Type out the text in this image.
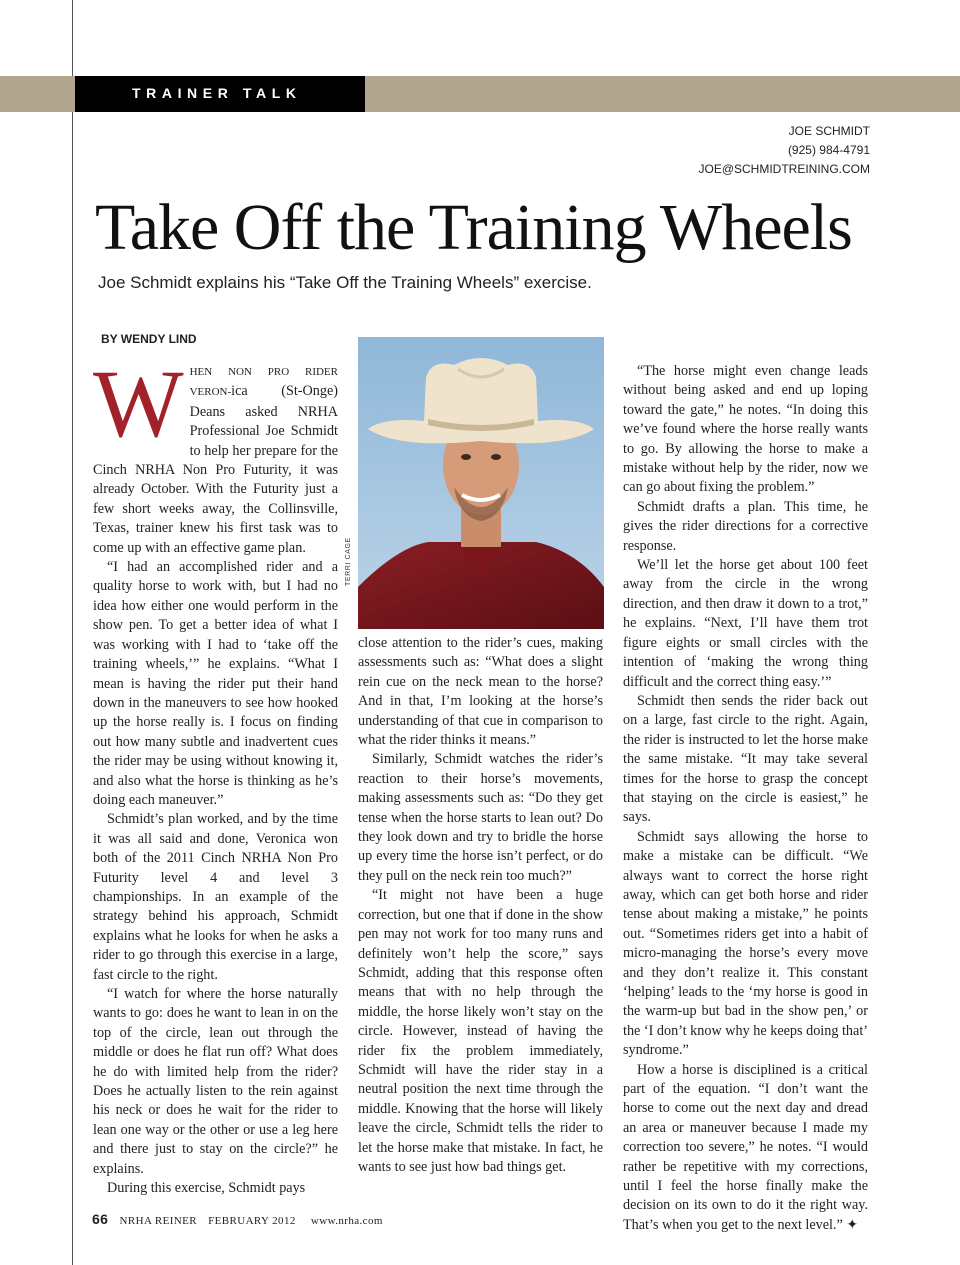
TRAINER TALK
JOE SCHMIDT
(925) 984-4791
JOE@SCHMIDTREINING.COM
Take Off the Training Wheels
Joe Schmidt explains his “Take Off the Training Wheels” exercise.
BY WENDY LIND
TERRI CAGE
W HEN NON PRO RIDER VERON-ica (St-Onge) Deans asked NRHA Professional Joe Schmidt to help her prepare for the Cinch NRHA Non Pro Futurity, it was already October. With the Futurity just a few short weeks away, the Collinsville, Texas, trainer knew his first task was to come up with an effective game plan.

“I had an accomplished rider and a quality horse to work with, but I had no idea how either one would perform in the show pen. To get a better idea of what I was working with I had to ‘take off the training wheels,’” he explains. “What I mean is having the rider put their hand down in the maneuvers to see how hooked up the horse really is. I focus on finding out how many subtle and inadvertent cues the rider may be using without knowing it, and also what the horse is thinking as he’s doing each maneuver.”

Schmidt’s plan worked, and by the time it was all said and done, Veronica won both of the 2011 Cinch NRHA Non Pro Futurity level 4 and level 3 championships. In an example of the strategy behind his approach, Schmidt explains what he looks for when he asks a rider to go through this exercise in a large, fast circle to the right.

“I watch for where the horse naturally wants to go: does he want to lean in on the top of the circle, lean out through the middle or does he flat run off? What does he do with limited help from the rider? Does he actually listen to the rein against his neck or does he wait for the rider to lean one way or the other or use a leg here and there just to stay on the circle?” he explains.

During this exercise, Schmidt pays

close attention to the rider’s cues, making assessments such as: “What does a slight rein cue on the neck mean to the horse? And in that, I’m looking at the horse’s understanding of that cue in comparison to what the rider thinks it means.”

Similarly, Schmidt watches the rider’s reaction to their horse’s movements, making assessments such as: “Do they get tense when the horse starts to lean out? Do they look down and try to bridle the horse up every time the horse isn’t perfect, or do they pull on the neck rein too much?”

“It might not have been a huge correction, but one that if done in the show pen may not work for too many runs and definitely won’t help the score,” says Schmidt, adding that this response often means that with no help through the middle, the horse likely won’t stay on the circle. However, instead of having the rider fix the problem immediately, Schmidt will have the rider stay in a neutral position the next time through the middle. Knowing that the horse will likely leave the circle, Schmidt tells the rider to let the horse make that mistake. In fact, he wants to see just how bad things get.

“The horse might even change leads without being asked and end up loping toward the gate,” he notes. “In doing this we’ve found where the horse really wants to go. By allowing the horse to make a mistake without help by the rider, now we can go about fixing the problem.”

Schmidt drafts a plan. This time, he gives the rider directions for a corrective response.

We’ll let the horse get about 100 feet away from the circle in the wrong direction, and then draw it down to a trot,” he explains. “Next, I’ll have them trot figure eights or small circles with the intention of ‘making the wrong thing difficult and the correct thing easy.’”

Schmidt then sends the rider back out on a large, fast circle to the right. Again, the rider is instructed to let the horse make the same mistake. “It may take several times for the horse to grasp the concept that staying on the circle is easiest,” he says.

Schmidt says allowing the horse to make a mistake can be difficult. “We always want to correct the horse right away, which can get both horse and rider tense about making a mistake,” he points out. “Sometimes riders get into a habit of micro-managing the horse’s every move and they don’t realize it. This constant ‘helping’ leads to the ‘my horse is good in the warm-up but bad in the show pen,’ or the ‘I don’t know why he keeps doing that’ syndrome.”

How a horse is disciplined is a critical part of the equation. “I don’t want the horse to come out the next day and dread an area or maneuver because I made my correction too severe,” he notes. “I would rather be repetitive with my corrections, until I feel the horse finally make the decision on its own to do it the right way. That’s when you get to the next level.” ✦

66 NRHA REINER FEBRUARY 2012 www.nrha.com
